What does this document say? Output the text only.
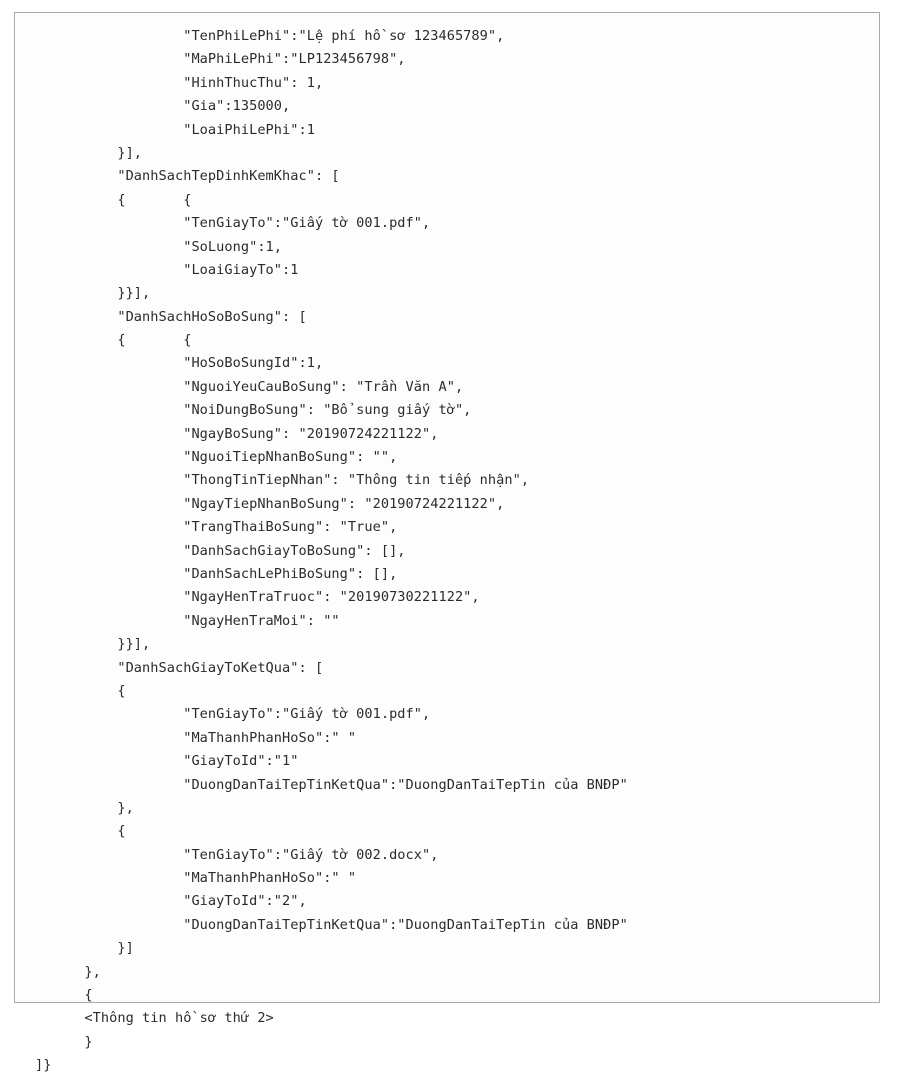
"TenPhiLePhi":"Lệ phí hồ sơ 123465789",
"MaPhiLePhi":"LP123456798",
"HinhThucThu": 1,
"Gia":135000,
"LoaiPhiLePhi":1
}],
"DanhSachTepDinhKemKhac": [
{       {
"TenGiayTo":"Giấy tờ 001.pdf",
"SoLuong":1,
"LoaiGiayTo":1
}}],
"DanhSachHoSoBoSung": [
{       {
"HoSoBoSungId":1,
"NguoiYeuCauBoSung": "Trần Văn A",
"NoiDungBoSung": "Bổ sung giấy tờ",
"NgayBoSung": "20190724221122",
"NguoiTiepNhanBoSung": "",
"ThongTinTiepNhan": "Thông tin tiếp nhận",
"NgayTiepNhanBoSung": "20190724221122",
"TrangThaiBoSung": "True",
"DanhSachGiayToBoSung": [],
"DanhSachLePhiBoSung": [],
"NgayHenTraTruoc": "20190730221122",
"NgayHenTraMoi": ""
}}],
"DanhSachGiayToKetQua": [
{
"TenGiayTo":"Giấy tờ 001.pdf",
"MaThanhPhanHoSo":" "
"GiayToId":"1"
"DuongDanTaiTepTinKetQua":"DuongDanTaiTepTin của BNĐP"
},
{
"TenGiayTo":"Giấy tờ 002.docx",
"MaThanhPhanHoSo":" "
"GiayToId":"2",
"DuongDanTaiTepTinKetQua":"DuongDanTaiTepTin của BNĐP"
}]
},
{
<Thông tin hồ sơ thứ 2>
}
]}
